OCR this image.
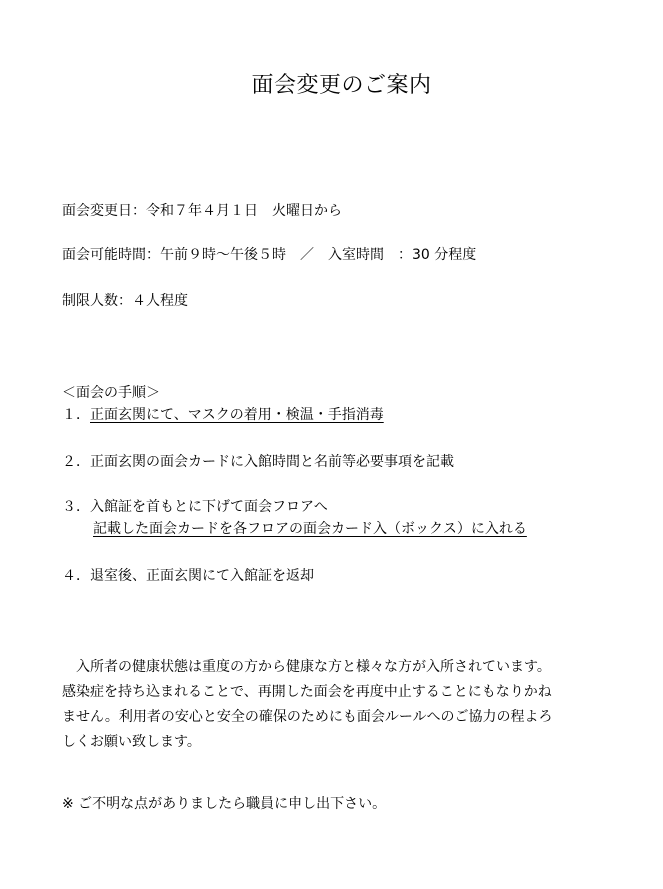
面会変更のご案内
面会変更日：令和７年４月１日　火曜日から
面会可能時間：午前９時～午後５時　／　入室時間　：30 分程度
制限人数：４人程度
＜面会の手順＞
１．正面玄関にて、マスクの着用・検温・手指消毒
２．正面玄関の面会カードに入館時間と名前等必要事項を記載
３．入館証を首もとに下げて面会フロアへ
記載した面会カードを各フロアの面会カード入（ボックス）に入れる
４．退室後、正面玄関にて入館証を返却
　入所者の健康状態は重度の方から健康な方と様々な方が入所されています。
感染症を持ち込まれることで、再開した面会を再度中止することにもなりかね
ません。利用者の安心と安全の確保のためにも面会ルールへのご協力の程よろ
しくお願い致します。
※ ご不明な点がありましたら職員に申し出下さい。
